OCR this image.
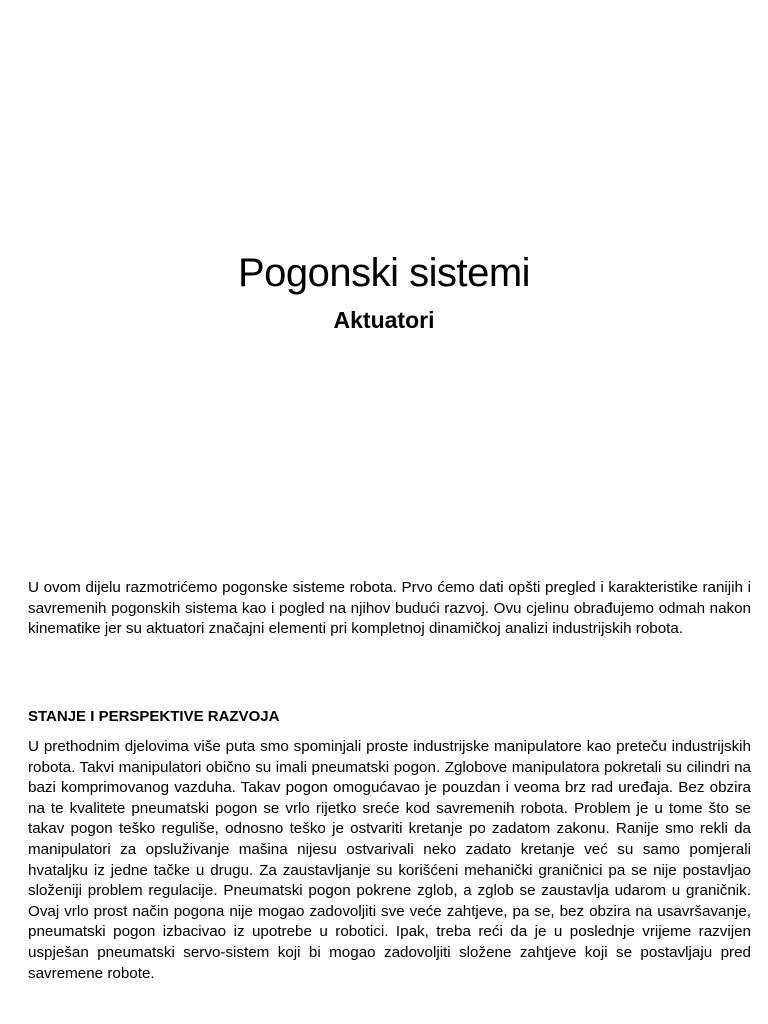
Pogonski sistemi
Aktuatori

U ovom dijelu razmotrićemo pogonske sisteme robota. Prvo ćemo dati opšti pregled i karakteristike ranijih i savremenih pogonskih sistema kao i pogled na njihov budući razvoj. Ovu cjelinu obrađujemo odmah nakon kinematike jer su aktuatori značajni elementi pri kompletnoj dinamičkoj analizi industrijskih robota.

STANJE I PERSPEKTIVE RAZVOJA

U prethodnim djelovima više puta smo spominjali proste industrijske manipulatore kao preteču industrijskih robota. Takvi manipulatori obično su imali pneumatski pogon. Zglobove manipulatora pokretali su cilindri na bazi komprimovanog vazduha. Takav pogon omogućavao je pouzdan i veoma brz rad uređaja. Bez obzira na te kvalitete pneumatski pogon se vrlo rijetko sreće kod savremenih robota. Problem je u tome što se takav pogon teško reguliše, odnosno teško je ostvariti kretanje po zadatom zakonu. Ranije smo rekli da manipulatori za opsluživanje mašina nijesu ostvarivali neko zadato kretanje već su samo pomjerali hvataljku iz jedne tačke u drugu. Za zaustavljanje su korišćeni mehanički graničnici pa se nije postavljao složeniji problem regulacije. Pneumatski pogon pokrene zglob, a zglob se zaustavlja udarom u graničnik. Ovaj vrlo prost način pogona nije mogao zadovoljiti sve veće zahtjeve, pa se, bez obzira na usavršavanje, pneumatski pogon izbacivao iz upotrebe u robotici. Ipak, treba reći da je u poslednje vrijeme razvijen uspješan pneumatski servo-sistem koji bi mogao zadovoljiti složene zahtjeve koji se postavljaju pred savremene robote.
